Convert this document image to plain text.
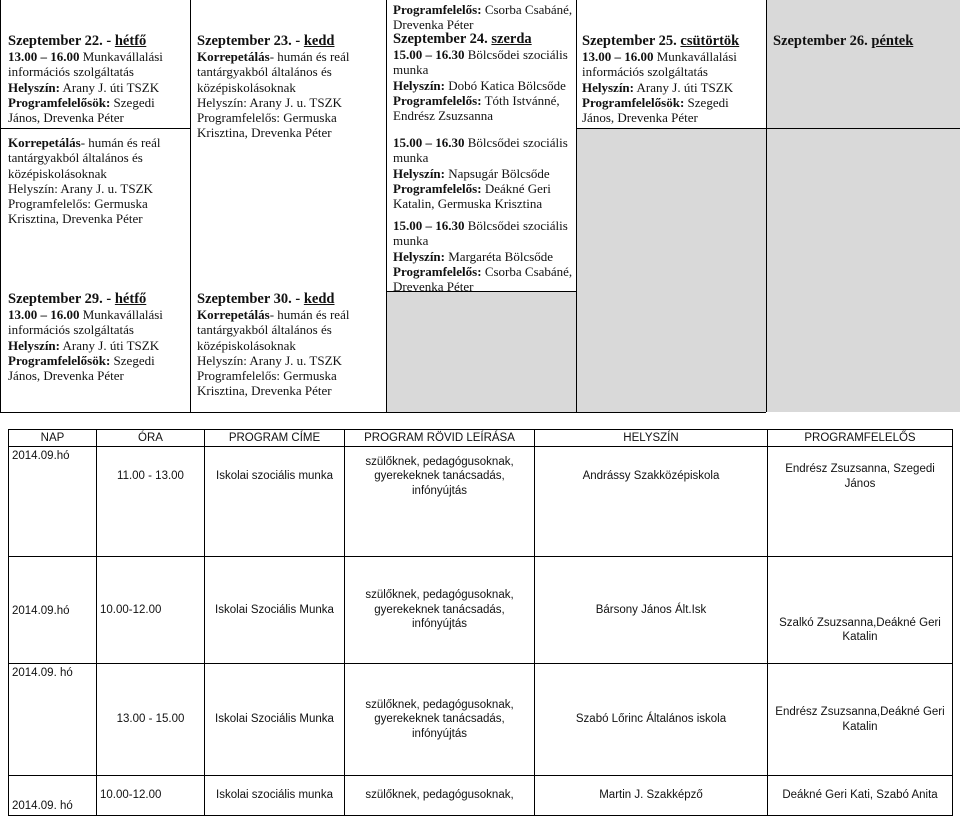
Szeptember 22. - hétfő
13.00 – 16.00 Munkavállalási információs szolgáltatás
Helyszín: Arany J. úti TSZK
Programfelelősök: Szegedi János, Drevenka Péter
Korrepetálás- humán és reál tantárgyakból általános és középiskolásoknak
Helyszín: Arany J. u. TSZK
Programfelelős: Germuska Krisztina, Drevenka Péter
Szeptember 23. - kedd
Korrepetálás- humán és reál tantárgyakból általános és középiskolásoknak
Helyszín: Arany J. u. TSZK
Programfelelős: Germuska Krisztina, Drevenka Péter
Programfelelős: Csorba Csabáné, Drevenka Péter
Szeptember 24. szerda
15.00 – 16.30 Bölcsődei szociális munka
Helyszín: Dobó Katica Bölcsőde
Programfelelős: Tóth Istvánné, Endrész Zsuzsanna
15.00 – 16.30 Bölcsődei szociális munka
Helyszín: Napsugár Bölcsőde
Programfelelős: Deákné Geri Katalin, Germuska Krisztina
15.00 – 16.30 Bölcsődei szociális munka
Helyszín: Margaréta Bölcsőde
Programfelelős: Csorba Csabáné, Drevenka Péter
Szeptember 25. csütörtök
13.00 – 16.00 Munkavállalási információs szolgáltatás
Helyszín: Arany J. úti TSZK
Programfelelősök: Szegedi János, Drevenka Péter
Szeptember 26. péntek
Szeptember 29. - hétfő
13.00 – 16.00 Munkavállalási információs szolgáltatás
Helyszín: Arany J. úti TSZK
Programfelelősök: Szegedi János, Drevenka Péter
Szeptember 30. - kedd
Korrepetálás- humán és reál tantárgyakból általános és középiskolásoknak
Helyszín: Arany J. u. TSZK
Programfelelős: Germuska Krisztina, Drevenka Péter
NAP	ÓRA	PROGRAM CÍME	PROGRAM RÖVID LEÍRÁSA	HELYSZÍN	PROGRAMFELELŐS
2014.09.hó	11.00 - 13.00	Iskolai szociális munka	szülőknek, pedagógusoknak, gyerekeknek tanácsadás, infónyújtás	Andrássy Szakközépiskola	Endrész Zsuzsanna, Szegedi János
2014.09.hó	10.00-12.00	Iskolai Szociális Munka	szülőknek, pedagógusoknak, gyerekeknek tanácsadás, infónyújtás	Bársony János Ált.Isk	Szalkó Zsuzsanna,Deákné Geri Katalin
2014.09. hó	13.00 - 15.00	Iskolai Szociális Munka	szülőknek, pedagógusoknak, gyerekeknek tanácsadás, infónyújtás	Szabó Lőrinc Általános iskola	Endrész Zsuzsanna,Deákné Geri Katalin
2014.09. hó	10.00-12.00	Iskolai szociális munka	szülőknek, pedagógusoknak,	Martin J. Szakképző	Deákné Geri Kati, Szabó Anita
